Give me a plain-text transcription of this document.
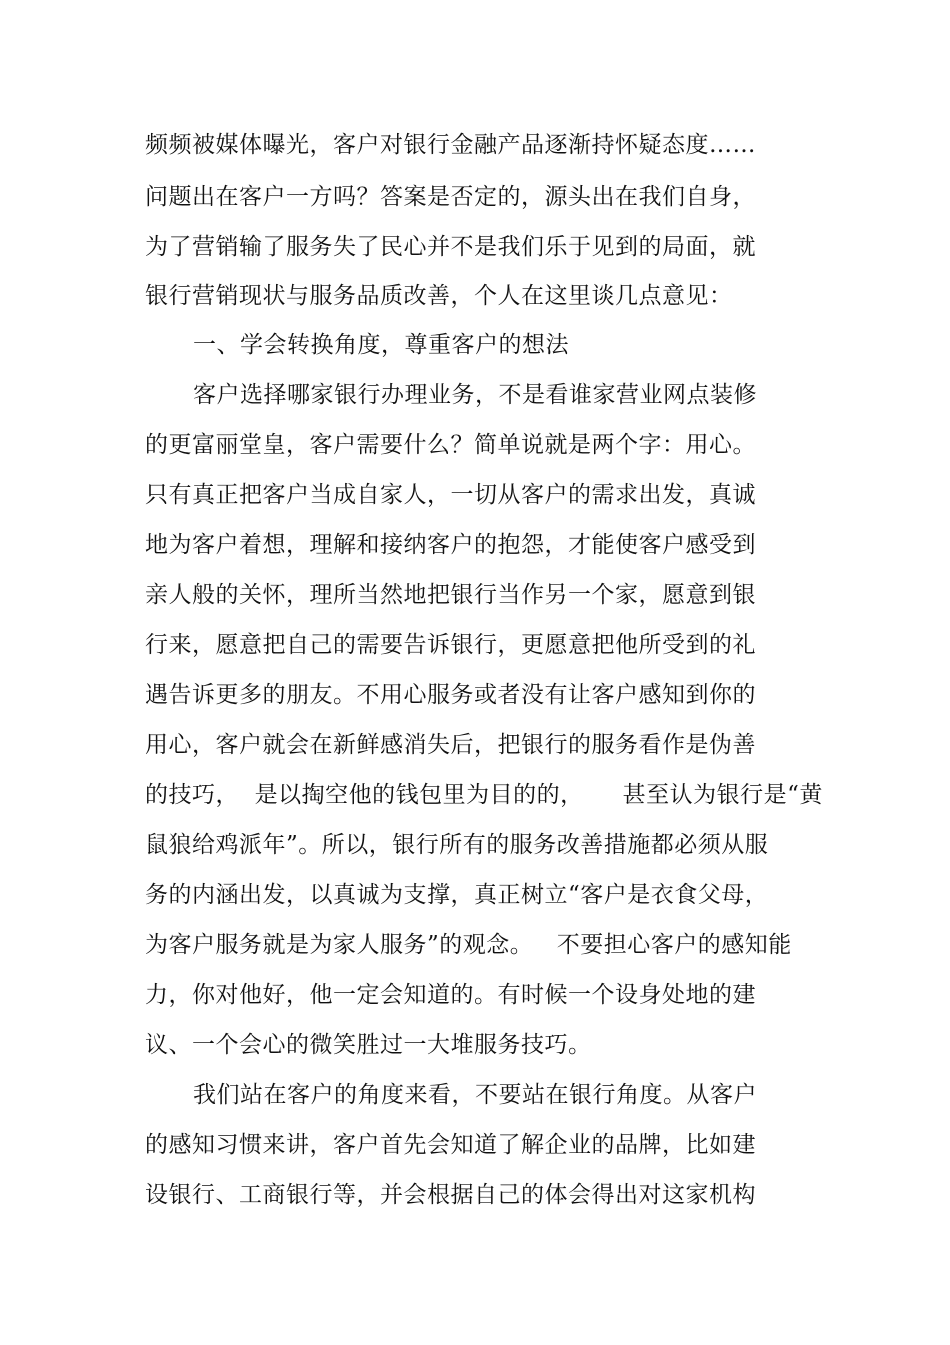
频频被媒体曝光，客户对银行金融产品逐渐持怀疑态度……
问题出在客户一方吗？答案是否定的，源头出在我们自身，
为了营销输了服务失了民心并不是我们乐于见到的局面，就
银行营销现状与服务品质改善，个人在这里谈几点意见：
一、学会转换角度，尊重客户的想法
客户选择哪家银行办理业务，不是看谁家营业网点装修
的更富丽堂皇，客户需要什么？简单说就是两个字：用心。
只有真正把客户当成自家人，一切从客户的需求出发，真诚
地为客户着想，理解和接纳客户的抱怨，才能使客户感受到
亲人般的关怀，理所当然地把银行当作另一个家，愿意到银
行来，愿意把自己的需要告诉银行，更愿意把他所受到的礼
遇告诉更多的朋友。不用心服务或者没有让客户感知到你的
用心，客户就会在新鲜感消失后，把银行的服务看作是伪善
的技巧，  是以掏空他的钱包里为目的的，     甚至认为银行是“黄
鼠狼给鸡派年”。所以，银行所有的服务改善措施都必须从服
务的内涵出发，以真诚为支撑，真正树立“客户是衣食父母，
为客户服务就是为家人服务”的观念。   不要担心客户的感知能
力，你对他好，他一定会知道的。有时候一个设身处地的建
议、一个会心的微笑胜过一大堆服务技巧。
我们站在客户的角度来看，不要站在银行角度。从客户
的感知习惯来讲，客户首先会知道了解企业的品牌，比如建
设银行、工商银行等，并会根据自己的体会得出对这家机构
